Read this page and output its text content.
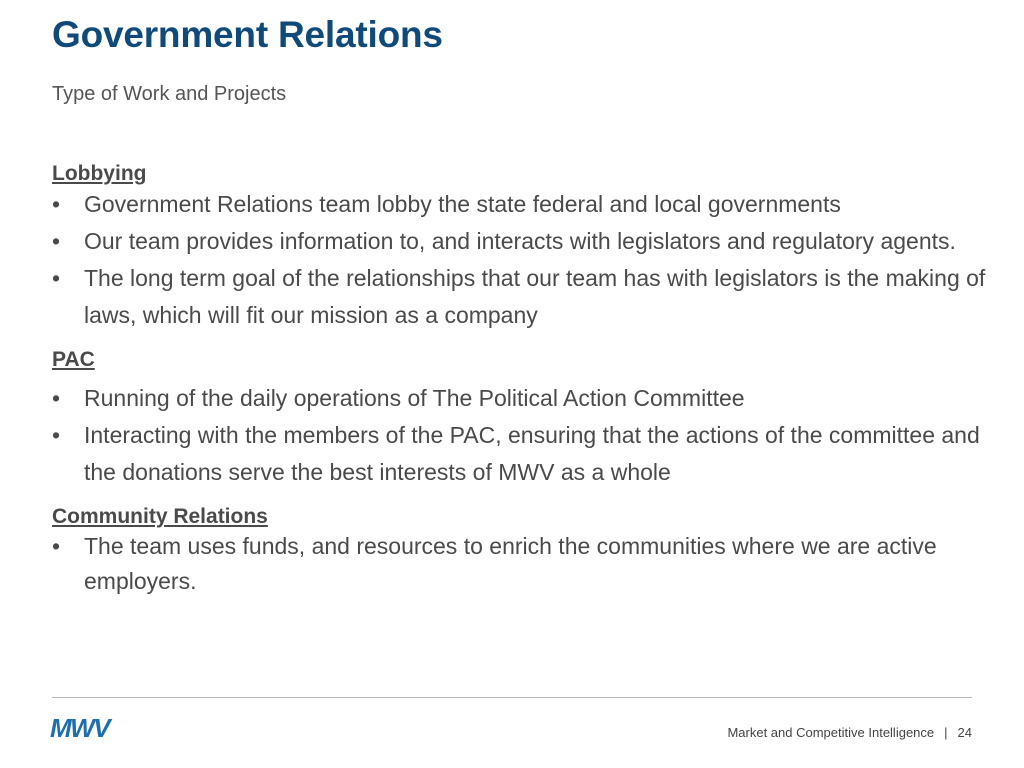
Government Relations
Type of Work and Projects
Lobbying
• Government Relations team lobby the state federal and local governments
• Our team provides information to, and interacts with legislators and regulatory agents.
• The long term goal of the relationships that our team has with legislators is the making of laws, which will fit our mission as a company
PAC
• Running of the daily operations of The Political Action Committee
• Interacting with the members of the PAC, ensuring that the actions of the committee and the donations serve the best interests of MWV as a whole
Community Relations
• The team uses funds, and resources to enrich the communities where we are active employers.
MWV	Market and Competitive Intelligence | 24
